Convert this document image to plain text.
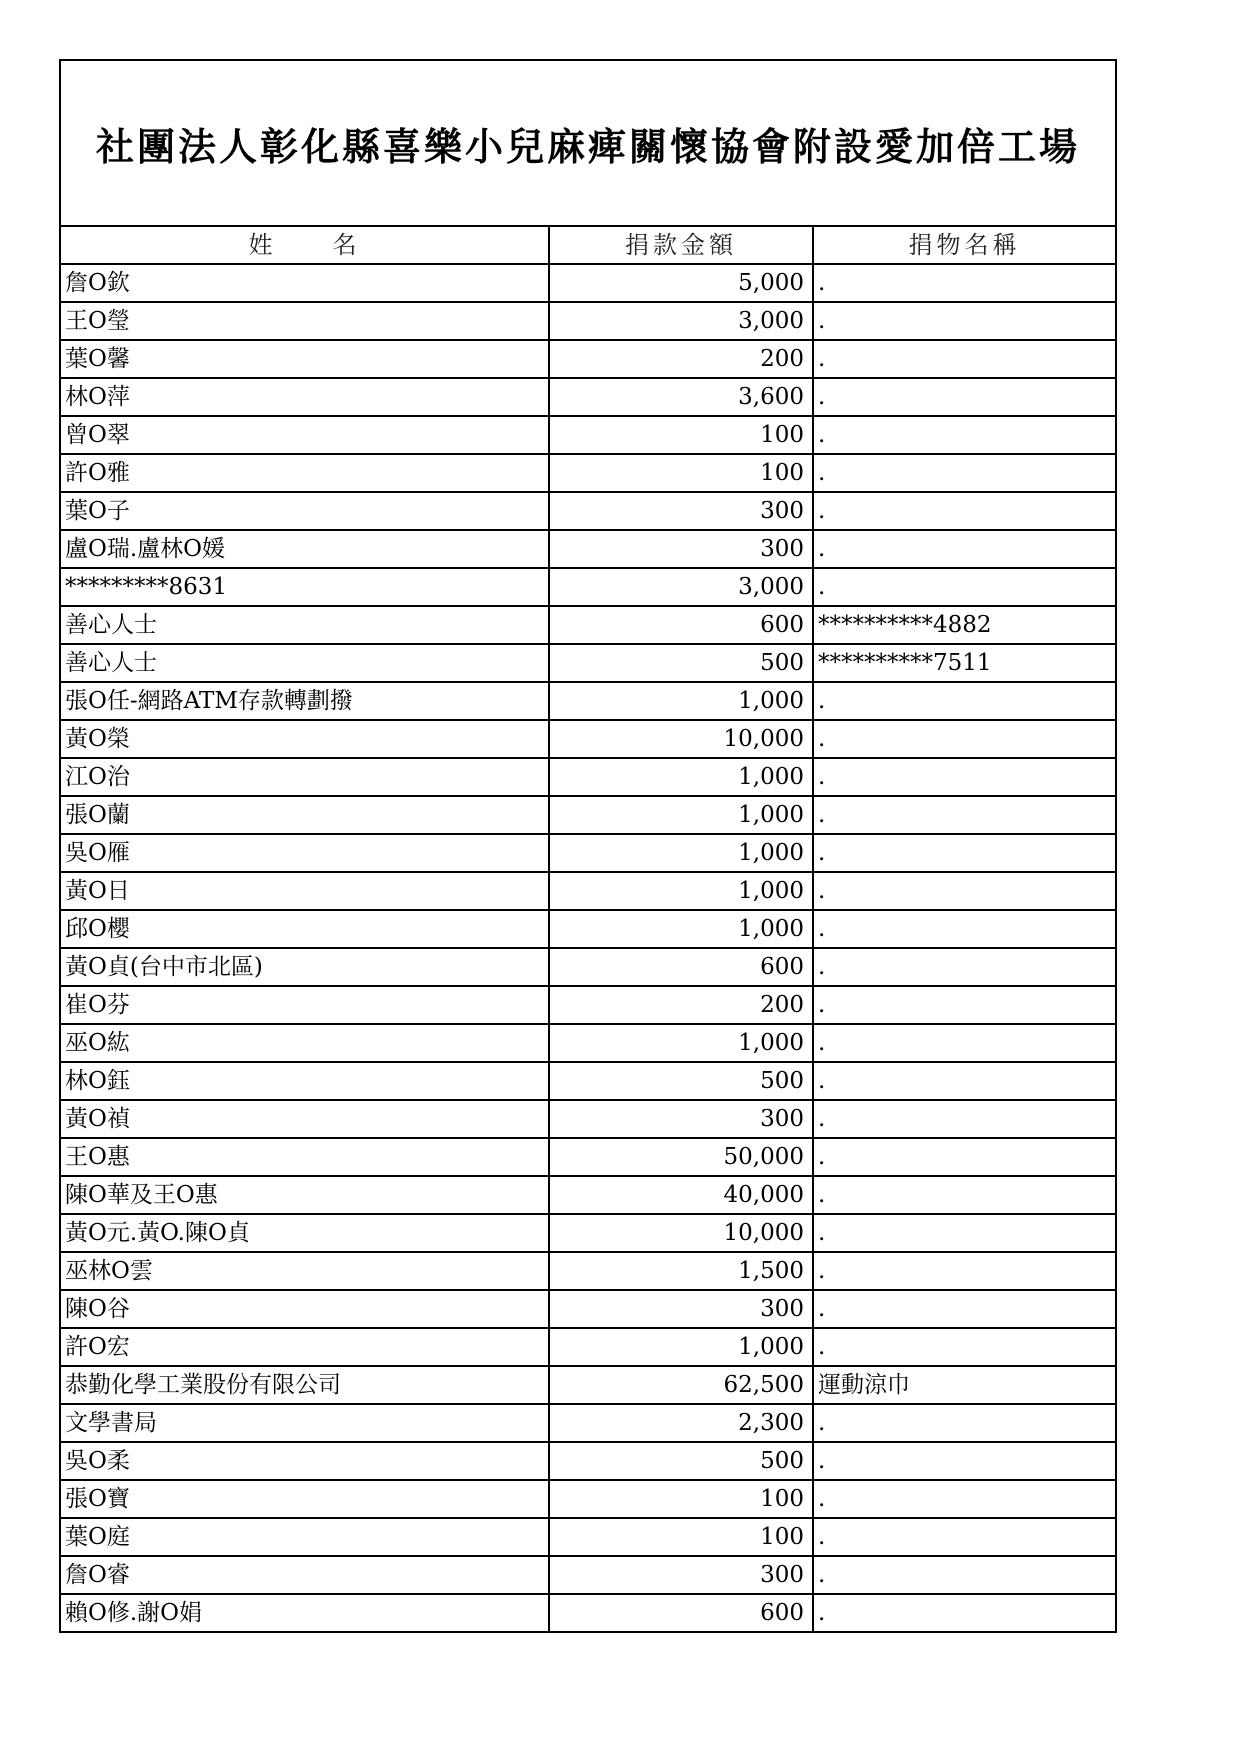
社團法人彰化縣喜樂小兒麻痺關懷協會附設愛加倍工場
姓　　名	捐款金額	捐物名稱
詹O欽	5,000	.
王O瑩	3,000	.
葉O馨	200	.
林O萍	3,600	.
曾O翠	100	.
許O雅	100	.
葉O子	300	.
盧O瑞.盧林O媛	300	.
*********8631	3,000	.
善心人士	600	**********4882
善心人士	500	**********7511
張O任-網路ATM存款轉劃撥	1,000	.
黃O榮	10,000	.
江O治	1,000	.
張O蘭	1,000	.
吳O雁	1,000	.
黃O日	1,000	.
邱O櫻	1,000	.
黃O貞(台中市北區)	600	.
崔O芬	200	.
巫O紘	1,000	.
林O鈺	500	.
黃O禎	300	.
王O惠	50,000	.
陳O華及王O惠	40,000	.
黃O元.黃O.陳O貞	10,000	.
巫林O雲	1,500	.
陳O谷	300	.
許O宏	1,000	.
恭勤化學工業股份有限公司	62,500	運動涼巾
文學書局	2,300	.
吳O柔	500	.
張O寶	100	.
葉O庭	100	.
詹O睿	300	.
賴O修.謝O娟	600	.
